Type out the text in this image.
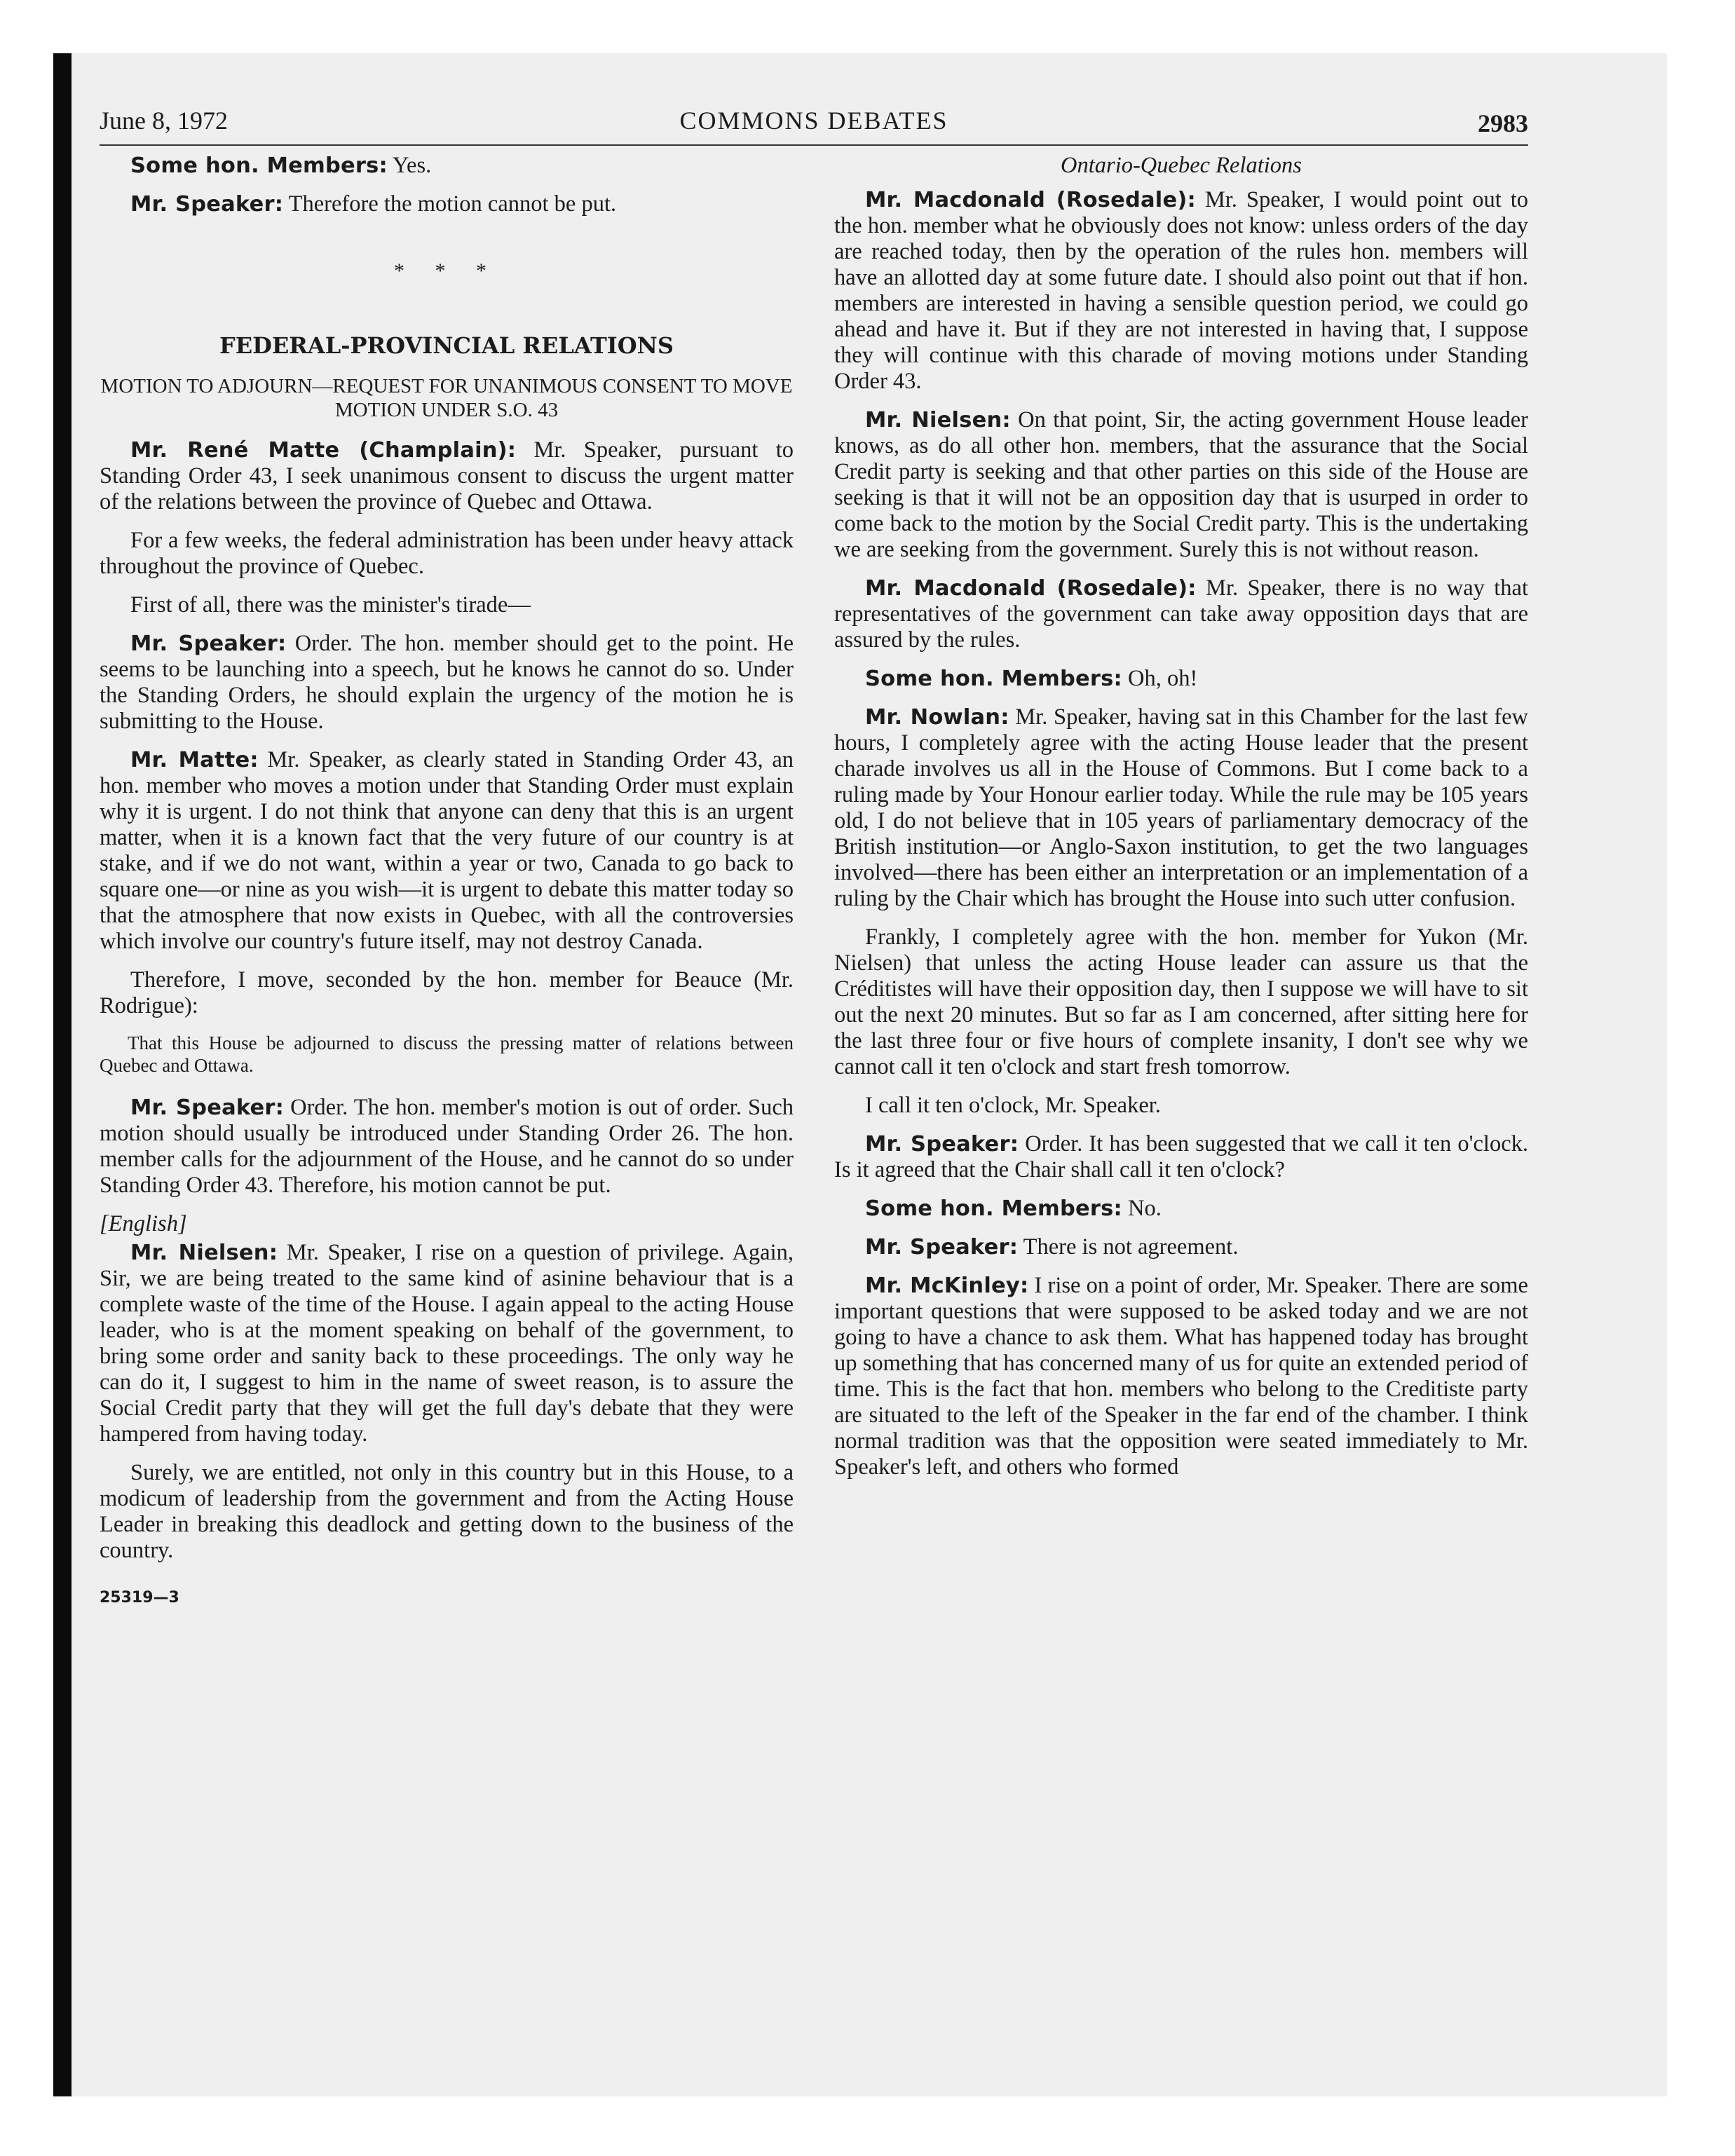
June 8, 1972	COMMONS DEBATES	2983

Some hon. Members: Yes.

Mr. Speaker: Therefore the motion cannot be put.

* * *
FEDERAL-PROVINCIAL RELATIONS

MOTION TO ADJOURN—REQUEST FOR UNANIMOUS CONSENT TO MOVE MOTION UNDER S.O. 43

Mr. René Matte (Champlain): Mr. Speaker, pursuant to Standing Order 43, I seek unanimous consent to discuss the urgent matter of the relations between the province of Quebec and Ottawa.

For a few weeks, the federal administration has been under heavy attack throughout the province of Quebec.

First of all, there was the minister's tirade—

Mr. Speaker: Order. The hon. member should get to the point. He seems to be launching into a speech, but he knows he cannot do so. Under the Standing Orders, he should explain the urgency of the motion he is submitting to the House.

Mr. Matte: Mr. Speaker, as clearly stated in Standing Order 43, an hon. member who moves a motion under that Standing Order must explain why it is urgent. I do not think that anyone can deny that this is an urgent matter, when it is a known fact that the very future of our country is at stake, and if we do not want, within a year or two, Canada to go back to square one—or nine as you wish—it is urgent to debate this matter today so that the atmosphere that now exists in Quebec, with all the controversies which involve our country's future itself, may not destroy Canada.

Therefore, I move, seconded by the hon. member for Beauce (Mr. Rodrigue):

That this House be adjourned to discuss the pressing matter of relations between Quebec and Ottawa.

Mr. Speaker: Order. The hon. member's motion is out of order. Such motion should usually be introduced under Standing Order 26. The hon. member calls for the adjournment of the House, and he cannot do so under Standing Order 43. Therefore, his motion cannot be put.

[English]

Mr. Nielsen: Mr. Speaker, I rise on a question of privilege. Again, Sir, we are being treated to the same kind of asinine behaviour that is a complete waste of the time of the House. I again appeal to the acting House leader, who is at the moment speaking on behalf of the government, to bring some order and sanity back to these proceedings. The only way he can do it, I suggest to him in the name of sweet reason, is to assure the Social Credit party that they will get the full day's debate that they were hampered from having today.

Surely, we are entitled, not only in this country but in this House, to a modicum of leadership from the government and from the Acting House Leader in breaking this deadlock and getting down to the business of the country.

25319—3

Ontario-Quebec Relations

Mr. Macdonald (Rosedale): Mr. Speaker, I would point out to the hon. member what he obviously does not know: unless orders of the day are reached today, then by the operation of the rules hon. members will have an allotted day at some future date. I should also point out that if hon. members are interested in having a sensible question period, we could go ahead and have it. But if they are not interested in having that, I suppose they will continue with this charade of moving motions under Standing Order 43.

Mr. Nielsen: On that point, Sir, the acting government House leader knows, as do all other hon. members, that the assurance that the Social Credit party is seeking and that other parties on this side of the House are seeking is that it will not be an opposition day that is usurped in order to come back to the motion by the Social Credit party. This is the undertaking we are seeking from the government. Surely this is not without reason.

Mr. Macdonald (Rosedale): Mr. Speaker, there is no way that representatives of the government can take away opposition days that are assured by the rules.

Some hon. Members: Oh, oh!

Mr. Nowlan: Mr. Speaker, having sat in this Chamber for the last few hours, I completely agree with the acting House leader that the present charade involves us all in the House of Commons. But I come back to a ruling made by Your Honour earlier today. While the rule may be 105 years old, I do not believe that in 105 years of parliamentary democracy of the British institution—or Anglo-Saxon institution, to get the two languages involved—there has been either an interpretation or an implementation of a ruling by the Chair which has brought the House into such utter confusion.

Frankly, I completely agree with the hon. member for Yukon (Mr. Nielsen) that unless the acting House leader can assure us that the Créditistes will have their opposition day, then I suppose we will have to sit out the next 20 minutes. But so far as I am concerned, after sitting here for the last three four or five hours of complete insanity, I don't see why we cannot call it ten o'clock and start fresh tomorrow.

I call it ten o'clock, Mr. Speaker.

Mr. Speaker: Order. It has been suggested that we call it ten o'clock. Is it agreed that the Chair shall call it ten o'clock?

Some hon. Members: No.

Mr. Speaker: There is not agreement.

Mr. McKinley: I rise on a point of order, Mr. Speaker. There are some important questions that were supposed to be asked today and we are not going to have a chance to ask them. What has happened today has brought up something that has concerned many of us for quite an extended period of time. This is the fact that hon. members who belong to the Creditiste party are situated to the left of the Speaker in the far end of the chamber. I think normal tradition was that the opposition were seated immediately to Mr. Speaker's left, and others who formed
